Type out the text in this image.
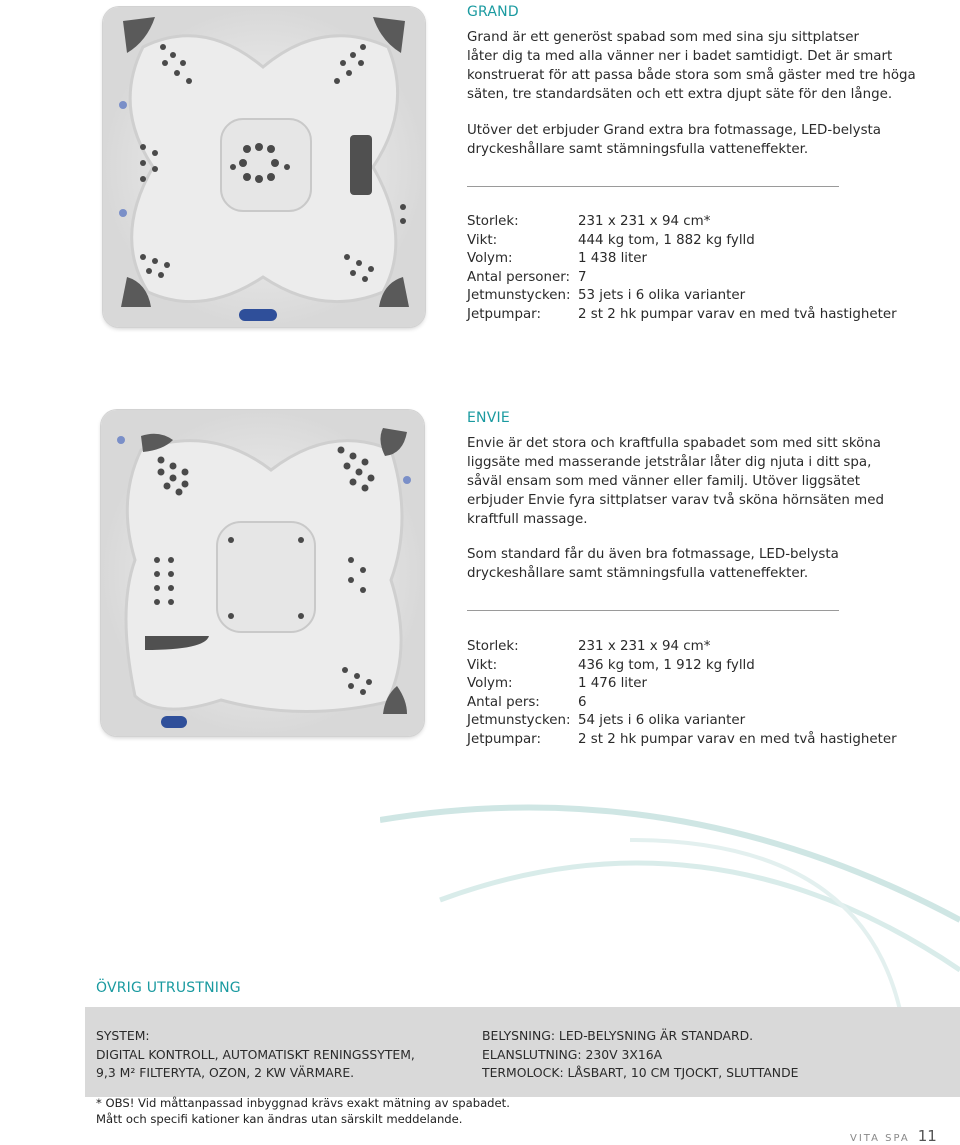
GRAND
Grand är ett generöst spabad som med sina sju sittplatser
låter dig ta med alla vänner ner i badet samtidigt. Det är smart
konstruerat för att passa både stora som små gäster med tre höga
säten, tre standardsäten och ett extra djupt säte för den långe.
Utöver det erbjuder Grand extra bra fotmassage, LED-belysta
dryckeshållare samt stämningsfulla vatteneffekter.
Storlek:	231 x 231 x 94 cm*
Vikt:	444 kg tom, 1 882 kg fylld
Volym:	1 438 liter
Antal personer: 7
Jetmunstycken: 53 jets i 6 olika varianter
Jetpumpar:	2 st 2 hk pumpar varav en med två hastigheter
ENVIE
Envie är det stora och kraftfulla spabadet som med sitt sköna
liggsäte med masserande jetstrålar låter dig njuta i ditt spa,
såväl ensam som med vänner eller familj. Utöver liggsätet
erbjuder Envie fyra sittplatser varav två sköna hörnsäten med
kraftfull massage.
Som standard får du även bra fotmassage, LED-belysta
dryckeshållare samt stämningsfulla vatteneffekter.
Storlek:	231 x 231 x 94 cm*
Vikt:	436 kg tom, 1 912 kg fylld
Volym:	1 476 liter
Antal pers:	6
Jetmunstycken: 54 jets i 6 olika varianter
Jetpumpar:	2 st 2 hk pumpar varav en med två hastigheter
ÖVRIG UTRUSTNING
SYSTEM:
DIGITAL KONTROLL, AUTOMATISKT RENINGSSYTEM,
9,3 M² FILTERYTA, OZON, 2 KW VÄRMARE.
BELYSNING: LED-BELYSNING ÄR STANDARD.
ELANSLUTNING: 230V 3X16A
TERMOLOCK: LÅSBART, 10 CM TJOCKT, SLUTTANDE
* OBS! Vid måttanpassad inbyggnad krävs exakt mätning av spabadet.
Mått och specifi kationer kan ändras utan särskilt meddelande.
VITA SPA 11
